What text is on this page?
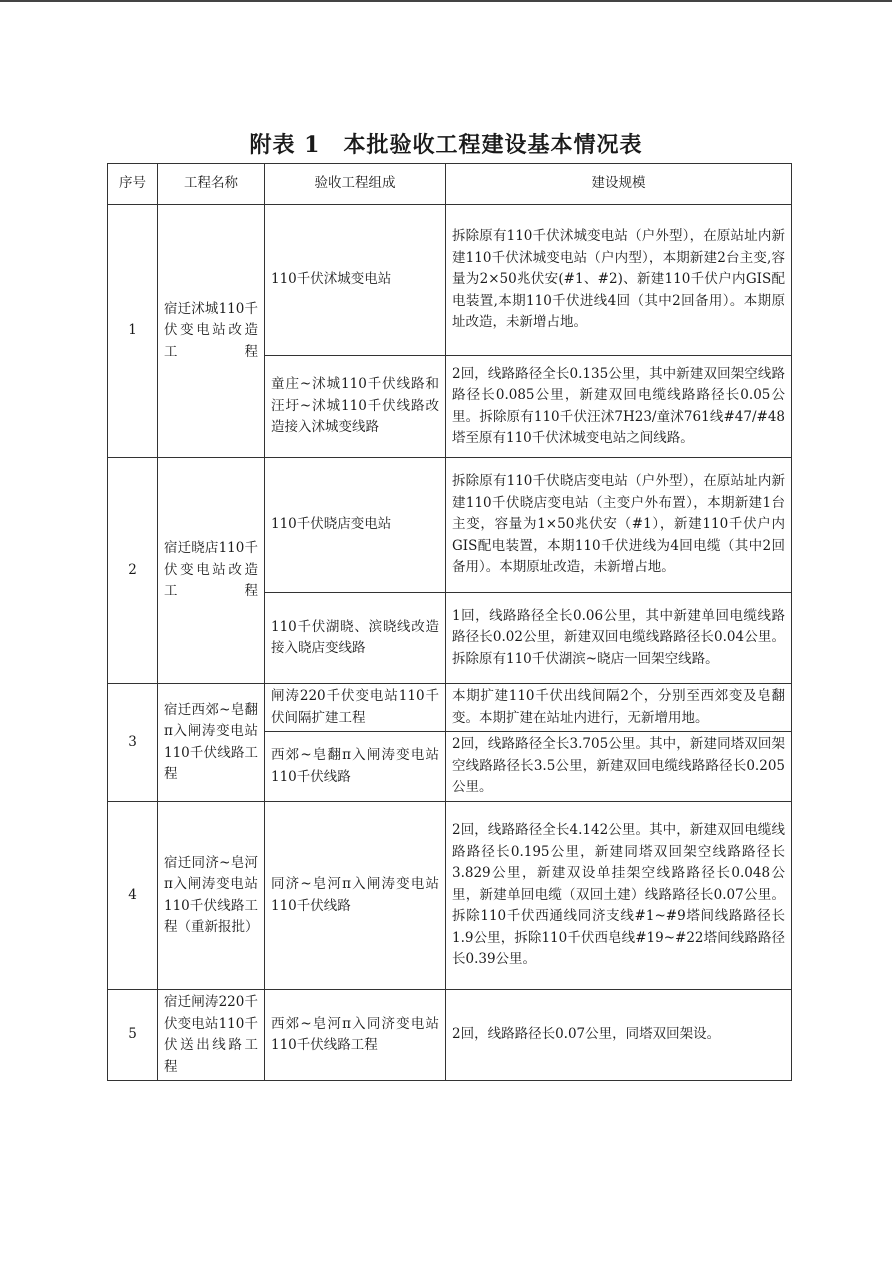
附表 1　本批验收工程建设基本情况表
序号	工程名称	验收工程组成	建设规模
1	宿迁沭城110千伏变电站改造工程	110千伏沭城变电站	拆除原有110千伏沭城变电站（户外型），在原站址内新建110千伏沭城变电站（户内型），本期新建2台主变,容量为2×50兆伏安(#1、#2)、新建110千伏户内GIS配电装置,本期110千伏进线4回（其中2回备用）。本期原址改造，未新增占地。
		童庄~沭城110千伏线路和汪圩~沭城110千伏线路改造接入沭城变线路	2回，线路路径全长0.135公里，其中新建双回架空线路路径长0.085公里，新建双回电缆线路路径长0.05公里。拆除原有110千伏汪沭7H23/童沭761线#47/#48塔至原有110千伏沭城变电站之间线路。
2	宿迁晓店110千伏变电站改造工程	110千伏晓店变电站	拆除原有110千伏晓店变电站（户外型），在原站址内新建110千伏晓店变电站（主变户外布置），本期新建1台主变，容量为1×50兆伏安（#1），新建110千伏户内GIS配电装置，本期110千伏进线为4回电缆（其中2回备用）。本期原址改造，未新增占地。
		110千伏湖晓、滨晓线改造接入晓店变线路	1回，线路路径全长0.06公里，其中新建单回电缆线路路径长0.02公里，新建双回电缆线路路径长0.04公里。拆除原有110千伏湖滨~晓店一回架空线路。
3	宿迁西郊~皂翻π入闸涛变电站110千伏线路工程	闸涛220千伏变电站110千伏间隔扩建工程	本期扩建110千伏出线间隔2个，分别至西郊变及皂翻变。本期扩建在站址内进行，无新增用地。
		西郊~皂翻π入闸涛变电站110千伏线路	2回，线路路径全长3.705公里。其中，新建同塔双回架空线路路径长3.5公里，新建双回电缆线路路径长0.205公里。
4	宿迁同济~皂河π入闸涛变电站110千伏线路工程（重新报批）	同济~皂河π入闸涛变电站110千伏线路	2回，线路路径全长4.142公里。其中，新建双回电缆线路路径长0.195公里，新建同塔双回架空线路路径长3.829公里，新建双设单挂架空线路路径长0.048公里，新建单回电缆（双回土建）线路路径长0.07公里。拆除110千伏西通线同济支线#1~#9塔间线路路径长1.9公里，拆除110千伏西皂线#19~#22塔间线路路径长0.39公里。
5	宿迁闸涛220千伏变电站110千伏送出线路工程	西郊~皂河π入同济变电站110千伏线路工程	2回，线路路径长0.07公里，同塔双回架设。
